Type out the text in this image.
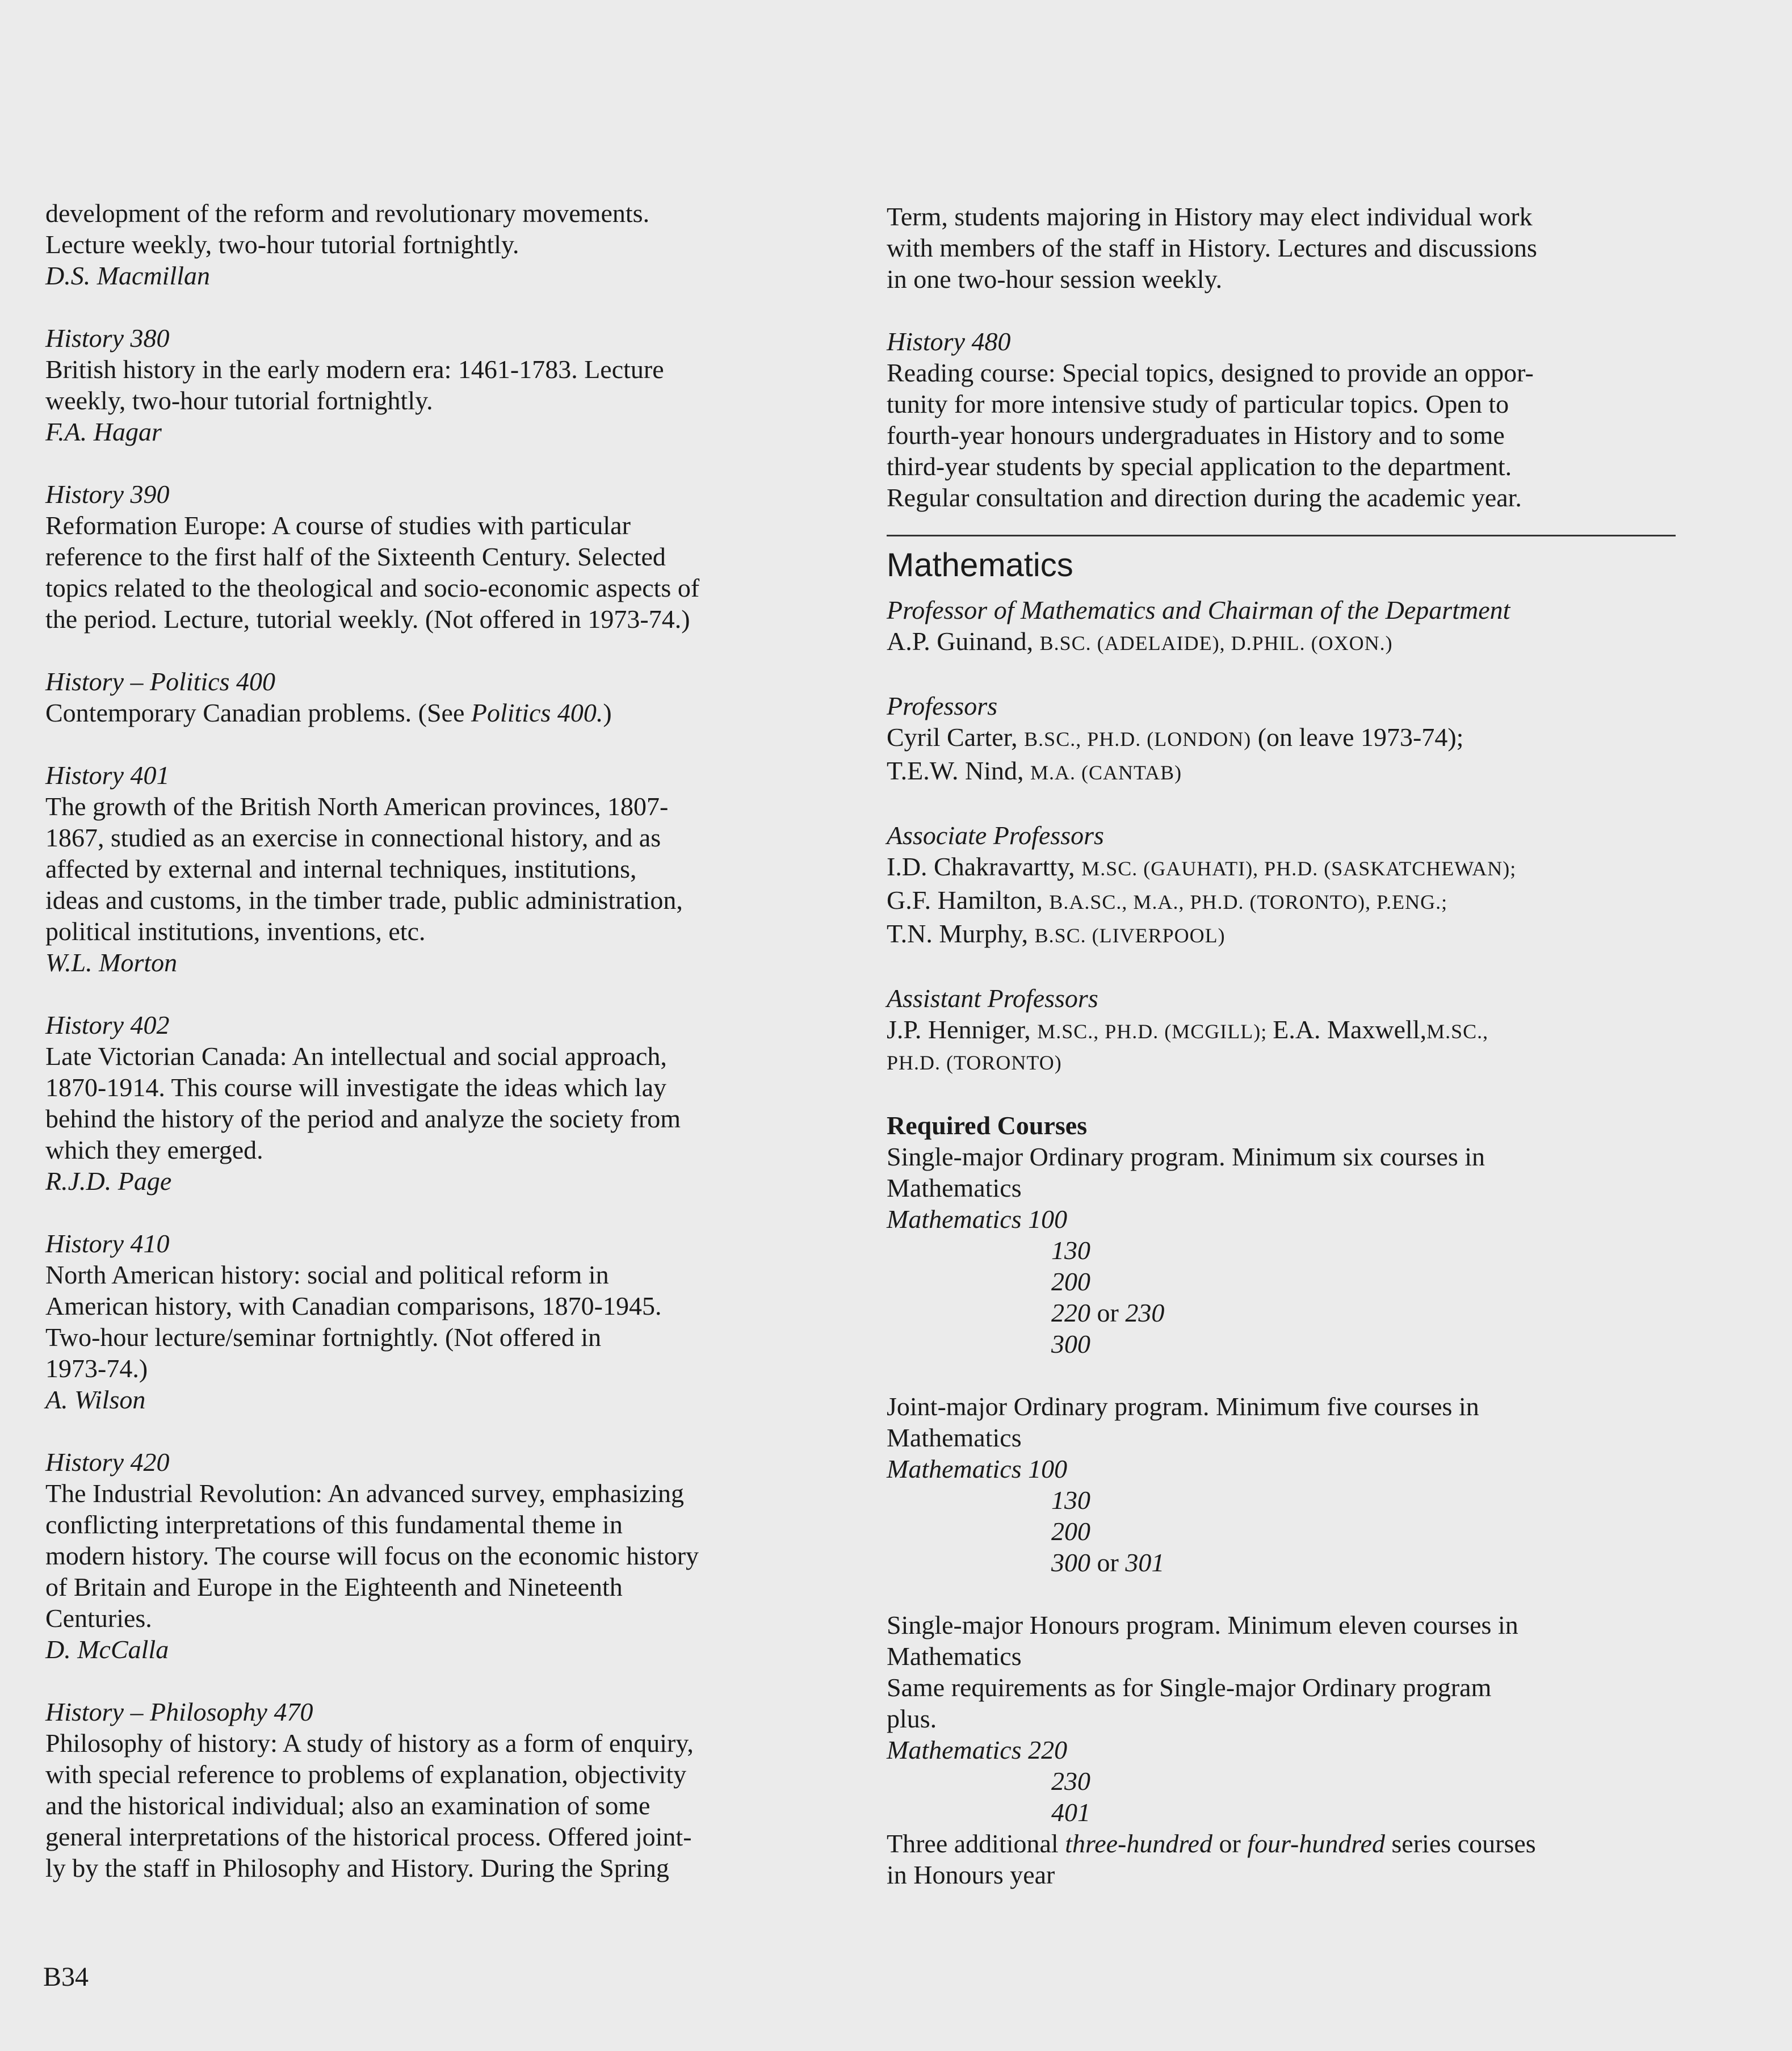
development of the reform and revolutionary movements.

Lecture weekly, two-hour tutorial fortnightly.

D.S. Macmillan

History 380

British history in the early modern era: 1461-1783. Lecture

weekly, two-hour tutorial fortnightly.

F.A. Hagar

History 390

Reformation Europe: A course of studies with particular

reference to the first half of the Sixteenth Century. Selected

topics related to the theological and socio-economic aspects of

the period. Lecture, tutorial weekly. (Not offered in 1973-74.)

History – Politics 400

Contemporary Canadian problems. (See Politics 400.)

History 401

The growth of the British North American provinces, 1807-

1867, studied as an exercise in connectional history, and as

affected by external and internal techniques, institutions,

ideas and customs, in the timber trade, public administration,

political institutions, inventions, etc.

W.L. Morton

History 402

Late Victorian Canada: An intellectual and social approach,

1870-1914. This course will investigate the ideas which lay

behind the history of the period and analyze the society from

which they emerged.

R.J.D. Page

History 410

North American history: social and political reform in

American history, with Canadian comparisons, 1870-1945.

Two-hour lecture/seminar fortnightly. (Not offered in

1973-74.)

A. Wilson

History 420

The Industrial Revolution: An advanced survey, emphasizing

conflicting interpretations of this fundamental theme in

modern history. The course will focus on the economic history

of Britain and Europe in the Eighteenth and Nineteenth

Centuries.

D. McCalla

History – Philosophy 470

Philosophy of history: A study of history as a form of enquiry,

with special reference to problems of explanation, objectivity

and the historical individual; also an examination of some

general interpretations of the historical process. Offered joint-

ly by the staff in Philosophy and History. During the Spring

Term, students majoring in History may elect individual work

with members of the staff in History. Lectures and discussions

in one two-hour session weekly.

History 480

Reading course: Special topics, designed to provide an oppor-

tunity for more intensive study of particular topics. Open to

fourth-year honours undergraduates in History and to some

third-year students by special application to the department.

Regular consultation and direction during the academic year.

Mathematics

Professor of Mathematics and Chairman of the Department

A.P. Guinand, B.SC. (ADELAIDE), D.PHIL. (OXON.)

Professors

Cyril Carter, B.SC., PH.D. (LONDON) (on leave 1973-74);

T.E.W. Nind, M.A. (CANTAB)

Associate Professors

I.D. Chakravartty, M.SC. (GAUHATI), PH.D. (SASKATCHEWAN);

G.F. Hamilton, B.A.SC., M.A., PH.D. (TORONTO), P.ENG.;

T.N. Murphy, B.SC. (LIVERPOOL)

Assistant Professors

J.P. Henniger, M.SC., PH.D. (MCGILL); E.A. Maxwell,M.SC.,

PH.D. (TORONTO)

Required Courses

Single-major Ordinary program. Minimum six courses in

Mathematics

Mathematics 100
130
200
220 or 230
300

Joint-major Ordinary program. Minimum five courses in

Mathematics

Mathematics 100
130
200
300 or 301

Single-major Honours program. Minimum eleven courses in

Mathematics

Same requirements as for Single-major Ordinary program

plus.

Mathematics 220
230
401

Three additional three-hundred or four-hundred series courses

in Honours year

B34
